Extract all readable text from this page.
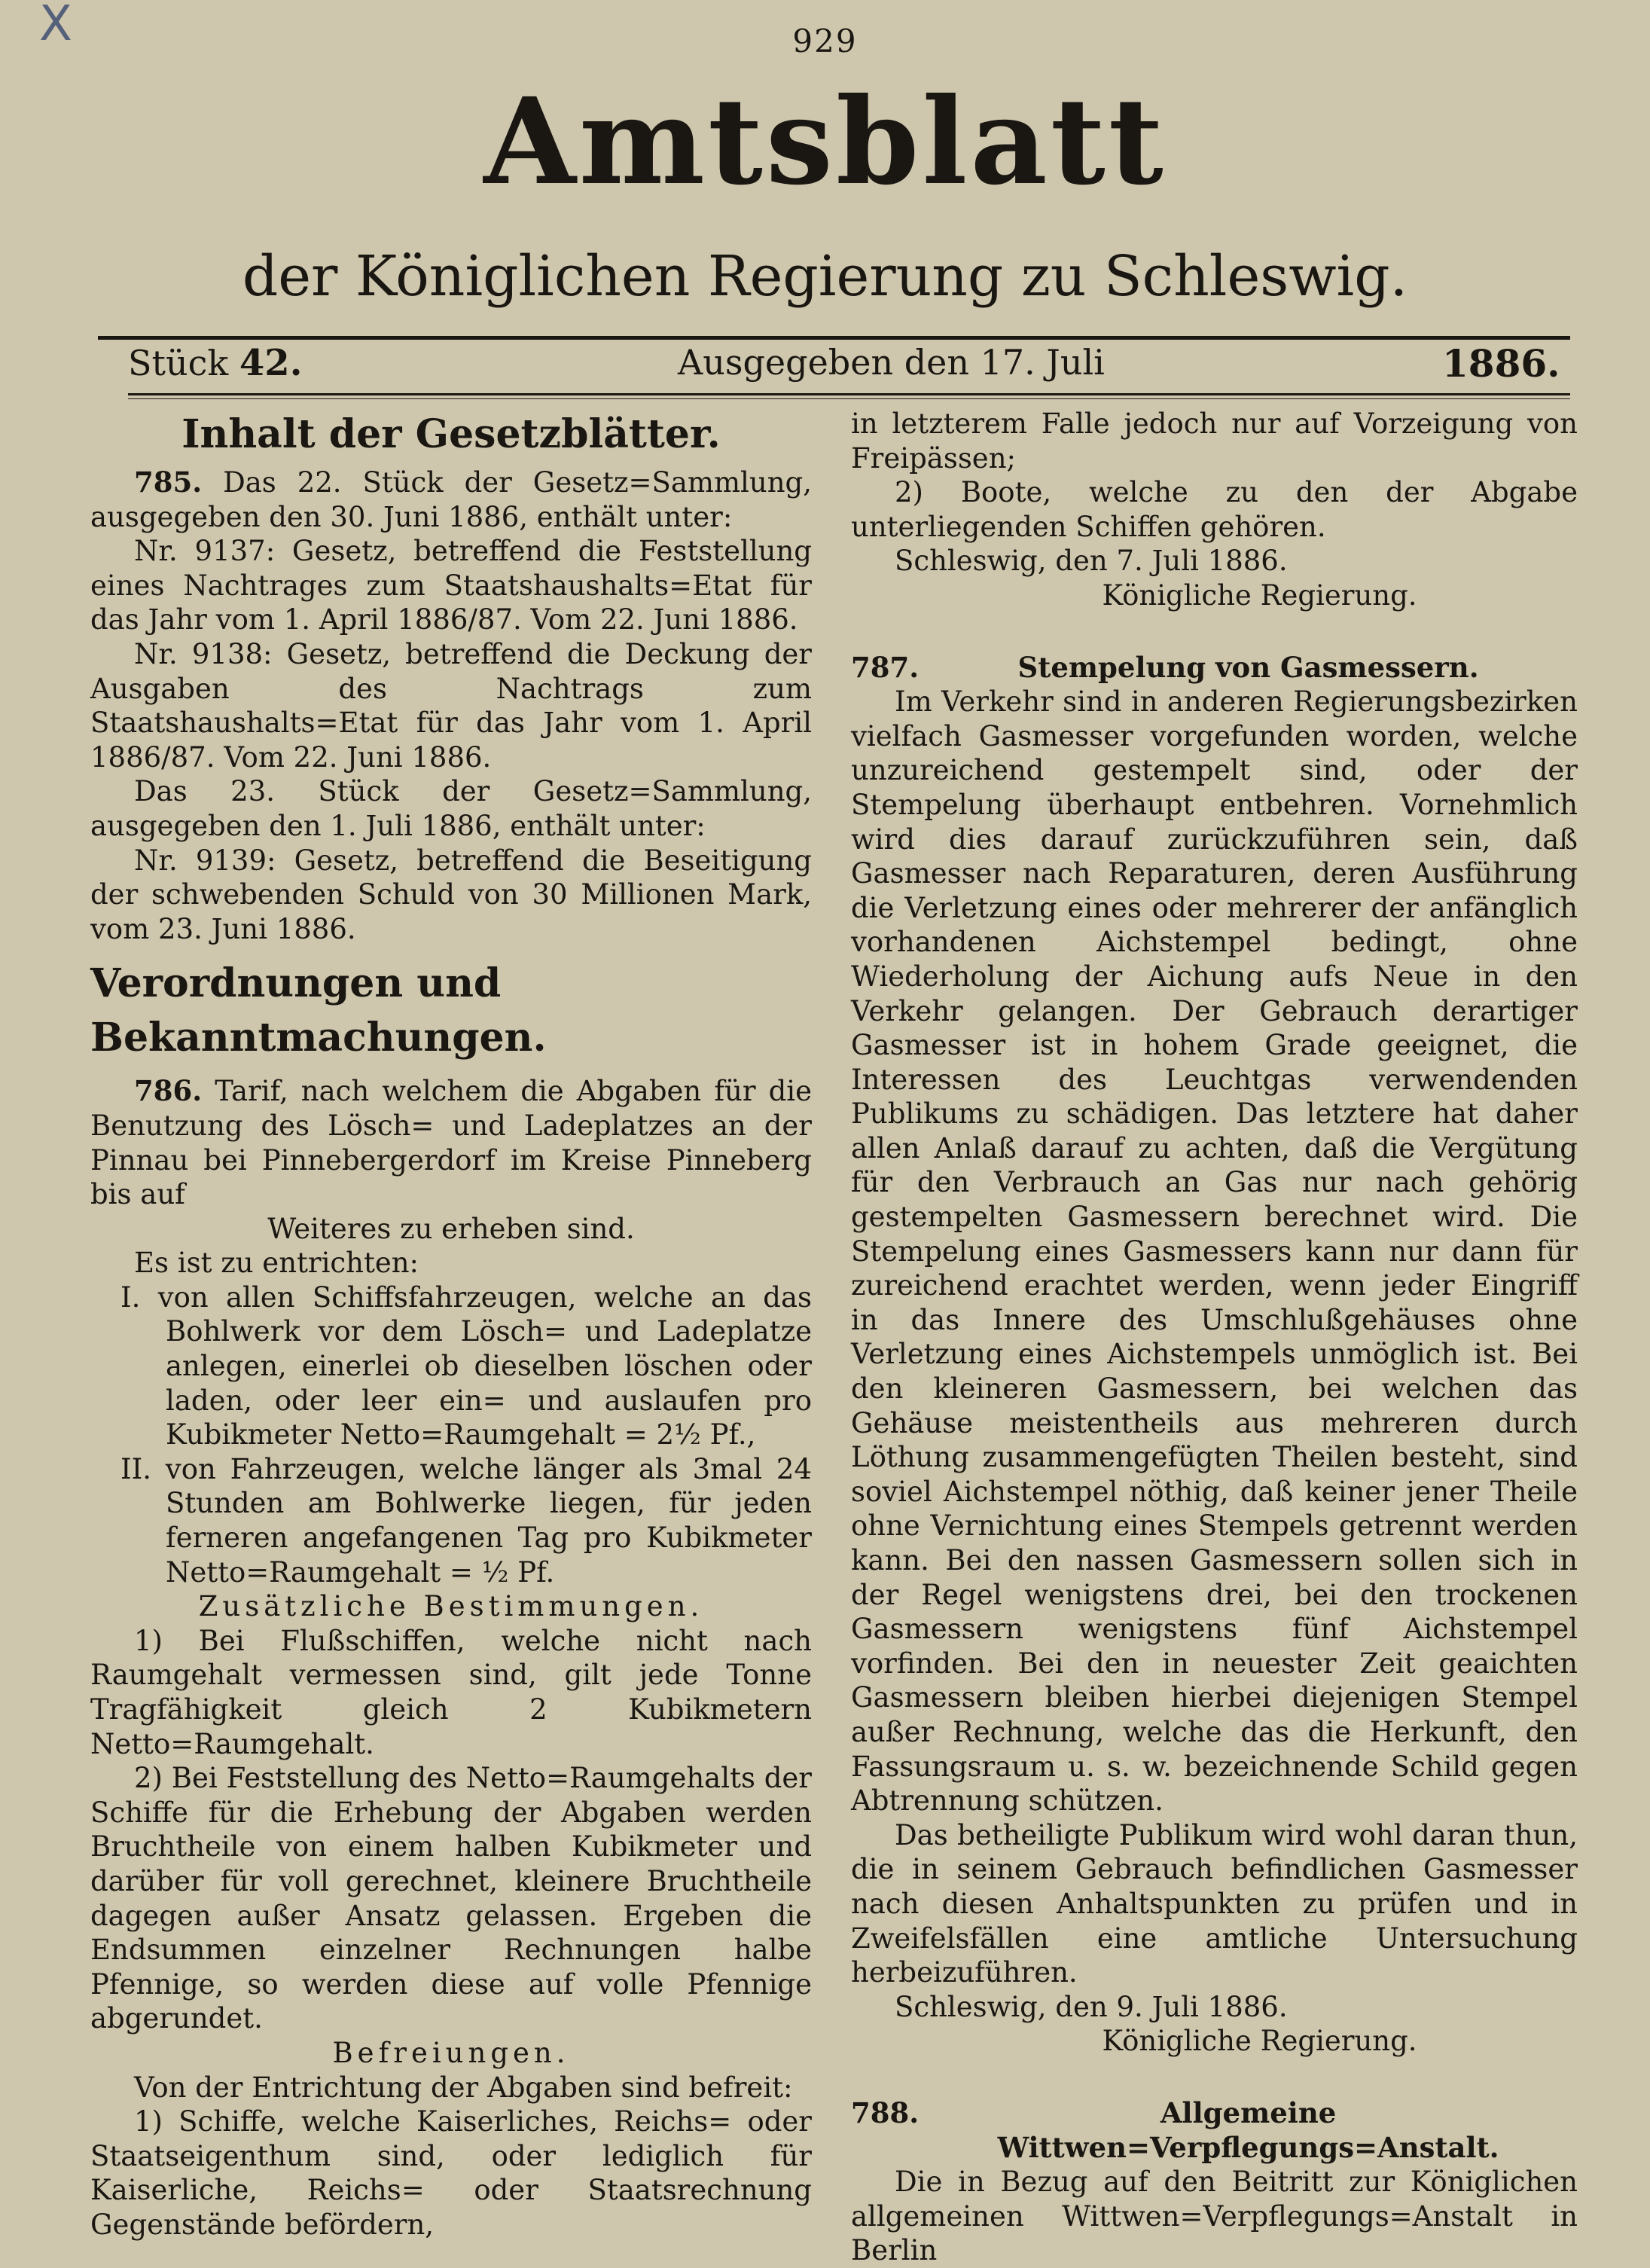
X	929
Amtsblatt
der Königlichen Regierung zu Schleswig.
Stück 42.	Ausgegeben den 17. Juli	1886.
Inhalt der Gesetzblätter.

785. Das 22. Stück der Gesetz=Sammlung, ausgegeben den 30. Juni 1886, enthält unter:

Nr. 9137: Gesetz, betreffend die Feststellung eines Nachtrages zum Staatshaushalts=Etat für das Jahr vom 1. April 1886/87. Vom 22. Juni 1886.

Nr. 9138: Gesetz, betreffend die Deckung der Ausgaben des Nachtrags zum Staatshaushalts=Etat für das Jahr vom 1. April 1886/87. Vom 22. Juni 1886.

Das 23. Stück der Gesetz=Sammlung, ausgegeben den 1. Juli 1886, enthält unter:

Nr. 9139: Gesetz, betreffend die Beseitigung der schwebenden Schuld von 30 Millionen Mark, vom 23. Juni 1886.

Verordnungen und Bekanntmachungen.

786. Tarif, nach welchem die Abgaben für die Benutzung des Lösch= und Ladeplatzes an der Pinnau bei Pinnebergerdorf im Kreise Pinneberg bis auf

Weiteres zu erheben sind.

Es ist zu entrichten:

I. von allen Schiffsfahrzeugen, welche an das Bohlwerk vor dem Lösch= und Ladeplatze anlegen, einerlei ob dieselben löschen oder laden, oder leer ein= und auslaufen pro Kubikmeter Netto=Raumgehalt = 2½ Pf.,

II. von Fahrzeugen, welche länger als 3mal 24 Stunden am Bohlwerke liegen, für jeden ferneren angefangenen Tag pro Kubikmeter Netto=Raumgehalt = ½ Pf.

Zusätzliche Bestimmungen.

1) Bei Flußschiffen, welche nicht nach Raumgehalt vermessen sind, gilt jede Tonne Tragfähigkeit gleich 2 Kubikmetern Netto=Raumgehalt.

2) Bei Feststellung des Netto=Raumgehalts der Schiffe für die Erhebung der Abgaben werden Bruchtheile von einem halben Kubikmeter und darüber für voll gerechnet, kleinere Bruchtheile dagegen außer Ansatz gelassen. Ergeben die Endsummen einzelner Rechnungen halbe Pfennige, so werden diese auf volle Pfennige abgerundet.

Befreiungen.

Von der Entrichtung der Abgaben sind befreit:

1) Schiffe, welche Kaiserliches, Reichs= oder Staatseigenthum sind, oder lediglich für Kaiserliche, Reichs= oder Staatsrechnung Gegenstände befördern,

in letzterem Falle jedoch nur auf Vorzeigung von Freipässen;

2) Boote, welche zu den der Abgabe unterliegenden Schiffen gehören.

Schleswig, den 7. Juli 1886.

Königliche Regierung.

787.	Stempelung von Gasmessern.

Im Verkehr sind in anderen Regierungsbezirken vielfach Gasmesser vorgefunden worden, welche unzureichend gestempelt sind, oder der Stempelung überhaupt entbehren. Vornehmlich wird dies darauf zurückzuführen sein, daß Gasmesser nach Reparaturen, deren Ausführung die Verletzung eines oder mehrerer der anfänglich vorhandenen Aichstempel bedingt, ohne Wiederholung der Aichung aufs Neue in den Verkehr gelangen. Der Gebrauch derartiger Gasmesser ist in hohem Grade geeignet, die Interessen des Leuchtgas verwendenden Publikums zu schädigen. Das letztere hat daher allen Anlaß darauf zu achten, daß die Vergütung für den Verbrauch an Gas nur nach gehörig gestempelten Gasmessern berechnet wird. Die Stempelung eines Gasmessers kann nur dann für zureichend erachtet werden, wenn jeder Eingriff in das Innere des Umschlußgehäuses ohne Verletzung eines Aichstempels unmöglich ist. Bei den kleineren Gasmessern, bei welchen das Gehäuse meistentheils aus mehreren durch Löthung zusammengefügten Theilen besteht, sind soviel Aichstempel nöthig, daß keiner jener Theile ohne Vernichtung eines Stempels getrennt werden kann. Bei den nassen Gasmessern sollen sich in der Regel wenigstens drei, bei den trockenen Gasmessern wenigstens fünf Aichstempel vorfinden. Bei den in neuester Zeit geaichten Gasmessern bleiben hierbei diejenigen Stempel außer Rechnung, welche das die Herkunft, den Fassungsraum u. s. w. bezeichnende Schild gegen Abtrennung schützen.

Das betheiligte Publikum wird wohl daran thun, die in seinem Gebrauch befindlichen Gasmesser nach diesen Anhaltspunkten zu prüfen und in Zweifelsfällen eine amtliche Untersuchung herbeizuführen.

Schleswig, den 9. Juli 1886.

Königliche Regierung.

788.	Allgemeine Wittwen=Verpflegungs=Anstalt.

Die in Bezug auf den Beitritt zur Königlichen allgemeinen Wittwen=Verpflegungs=Anstalt in Berlin
